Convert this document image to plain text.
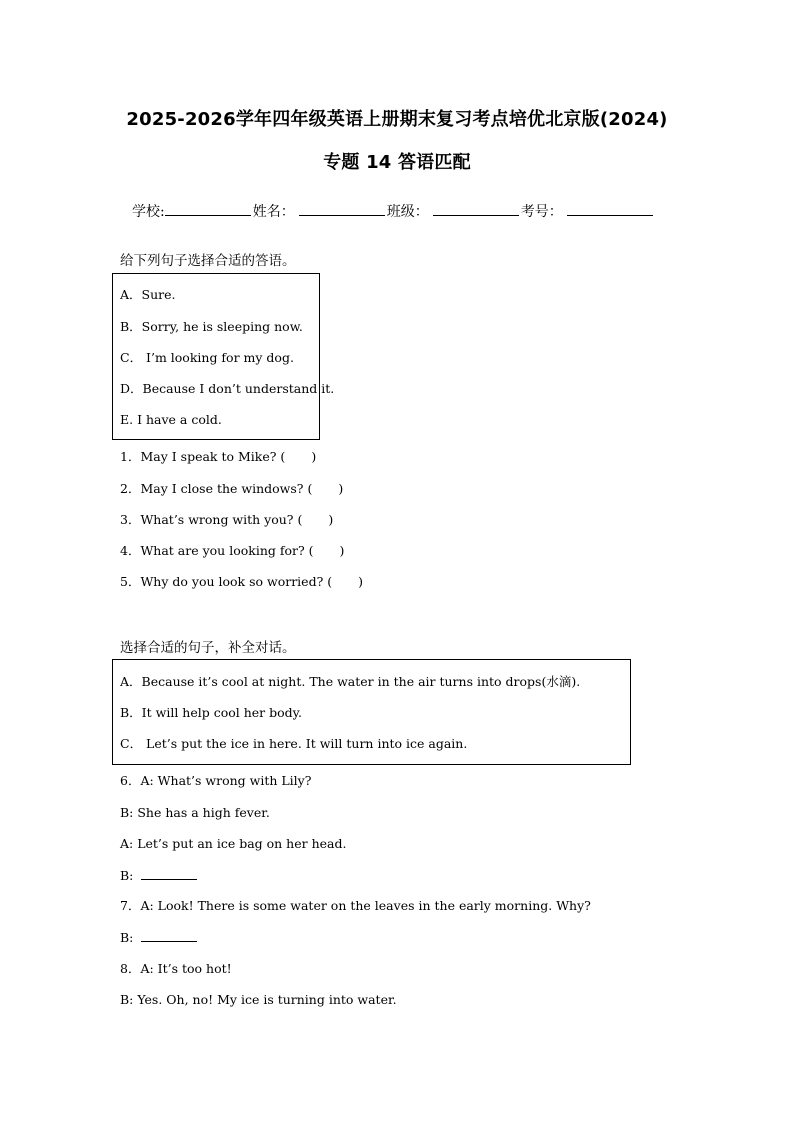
2025-2026学年四年级英语上册期末复习考点培优北京版(2024)
专题 14 答语匹配
学校:	姓名：	班级：	考号：
给下列句子选择合适的答语。
A．Sure.
B．Sorry, he is sleeping now.
C． I’m looking for my dog.
D．Because I don’t understand it.
E. I have a cold.
1．May I speak to Mike? ( )
2．May I close the windows? ( )
3．What’s wrong with you? ( )
4．What are you looking for? ( )
5．Why do you look so worried? ( )
选择合适的句子，补全对话。
A．Because it’s cool at night. The water in the air turns into drops(水滴).
B．It will help cool her body.
C． Let’s put the ice in here. It will turn into ice again.
6．A: What’s wrong with Lily?
B: She has a high fever.
A: Let’s put an ice bag on her head.
B:
7．A: Look! There is some water on the leaves in the early morning. Why?
B:
8．A: It’s too hot!
B: Yes. Oh, no! My ice is turning into water.
